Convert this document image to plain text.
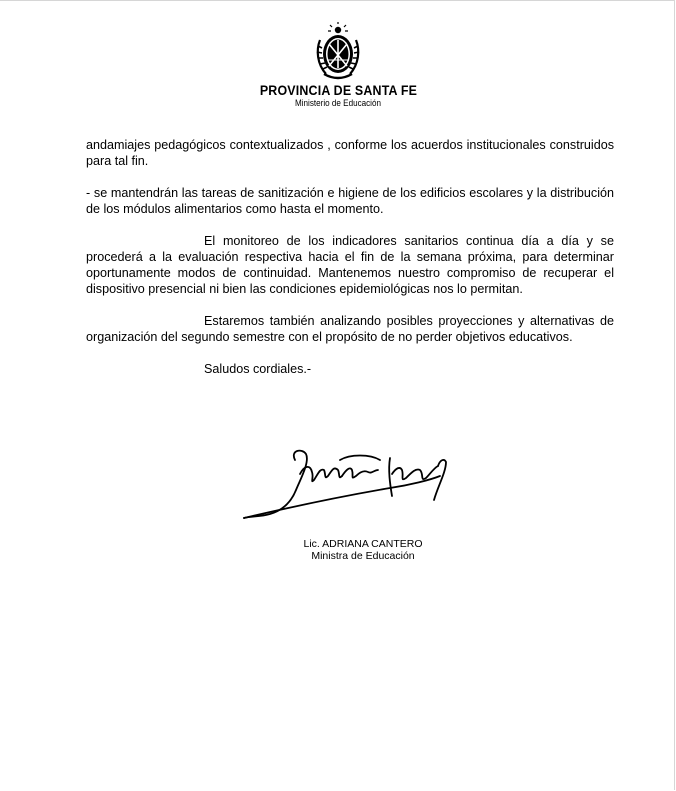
PROVINCIA DE SANTA FE
Ministerio de Educación

andamiajes pedagógicos contextualizados , conforme los acuerdos institucionales construidos para tal fin.

- se mantendrán las tareas de sanitización e higiene de los edificios escolares y la distribución de los módulos alimentarios como hasta el momento.

El monitoreo de los indicadores sanitarios continua día a día y se procederá a la evaluación respectiva hacia el fin de la semana próxima, para determinar oportunamente modos de continuidad. Mantenemos nuestro compromiso de recuperar el dispositivo presencial ni bien las condiciones epidemiológicas nos lo permitan.

Estaremos también analizando posibles proyecciones y alternativas de organización del segundo semestre con el propósito de no perder objetivos educativos.

Saludos cordiales.-

Lic. ADRIANA CANTERO
Ministra de Educación
